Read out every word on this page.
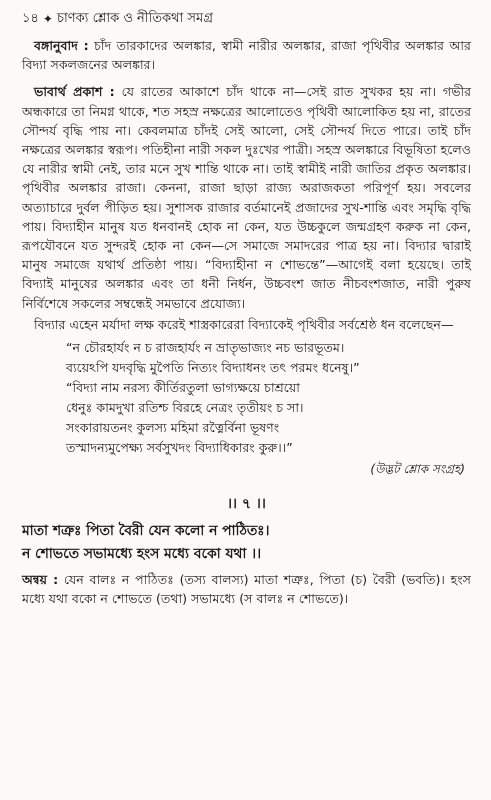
১৪ ✦ চাণক্য শ্লোক ও নীতিকথা সমগ্র

বঙ্গানুবাদ : চাঁদ তারকাদের অলঙ্কার, স্বামী নারীর অলঙ্কার, রাজা পৃথিবীর অলঙ্কার আর বিদ্যা সকলজনের অলঙ্কার।

ভাবার্থ প্রকাশ : যে রাতের আকাশে চাঁদ থাকে না—সেই রাত সুখকর হয় না। গভীর অন্ধকারে তা নিমগ্ন থাকে, শত সহস্র নক্ষত্রের আলোতেও পৃথিবী আলোকিত হয় না, রাতের সৌন্দর্য বৃদ্ধি পায় না। কেবলমাত্র চাঁদই সেই আলো, সেই সৌন্দর্য দিতে পারে। তাই চাঁদ নক্ষত্রের অলঙ্কার স্বরূপ। পতিহীনা নারী সকল দুঃখের পাত্রী। সহস্র অলঙ্কারে বিভূষিতা হলেও যে নারীর স্বামী নেই, তার মনে সুখ শান্তি থাকে না। তাই স্বামীই নারী জাতির প্রকৃত অলঙ্কার। পৃথিবীর অলঙ্কার রাজা। কেননা, রাজা ছাড়া রাজ্য অরাজকতা পরিপূর্ণ হয়। সবলের অত্যাচারে দুর্বল পীড়িত হয়। সুশাসক রাজার বর্তমানেই প্রজাদের সুখ-শান্তি এবং সমৃদ্ধি বৃদ্ধি পায়। বিদ্যাহীন মানুষ যত ধনবানই হোক না কেন, যত উচ্চকুলে জন্মগ্রহণ করুক না কেন, রূপযৌবনে যত সুন্দরই হোক না কেন—সে সমাজে সমাদরের পাত্র হয় না। বিদ্যার দ্বারাই মানুষ সমাজে যথার্থ প্রতিষ্ঠা পায়। “বিদ্যাহীনা ন শোভন্তে”—আগেই বলা হয়েছে। তাই বিদ্যাই মানুষের অলঙ্কার এবং তা ধনী নির্ধন, উচ্চবংশ জাত নীচবংশজাত, নারী পুরুষ নির্বিশেষে সকলের সম্বন্ধেই সমভাবে প্রযোজ্য।

বিদ্যার এহেন মর্যাদা লক্ষ করেই শাস্ত্রকারেরা বিদ্যাকেই পৃথিবীর সর্বশ্রেষ্ঠ ধন বলেছেন—

“ন চৌরহার্যং ন চ রাজহার্যং ন ভ্রাতৃভাজ্যং নচ ভারভূতম।
ব্যয়েঽপি যদবৃদ্ধি মুপৈতি নিত্যং বিদ্যাধনং তৎ পরমং ধনেষু।”
“বিদ্যা নাম নরস্য কীর্তিরতুলা ভাগ্যক্ষয়ে চাশ্রয়ো
ধেনুঃ কামদুখা রতিশ্চ বিরহে নেত্রং তৃতীয়ং চ সা।
সংকারায়তনং কুলস্য মহিমা রত্নৈর্বিনা ভূষণং
তস্মাদন্যমুপেক্ষ্য সর্বসুখদং বিদ্যাধিকারং কুরু।।”
(উদ্ভট শ্লোক সংগ্রহ)
।। ৭ ।।
মাতা শত্রুঃ পিতা বৈরী যেন কলো ন পাঠিতঃ।
ন শোভতে সভামধ্যে হংস মধ্যে বকো যথা ।।

অন্বয় : যেন বালঃ ন পাঠিতঃ (তস্য বালস্য) মাতা শত্রুঃ, পিতা (চ) বৈরী (ভবতি)। হংস মধ্যে যথা বকো ন শোভতে (তথা) সভামধ্যে (স বালঃ ন শোভতে)।
